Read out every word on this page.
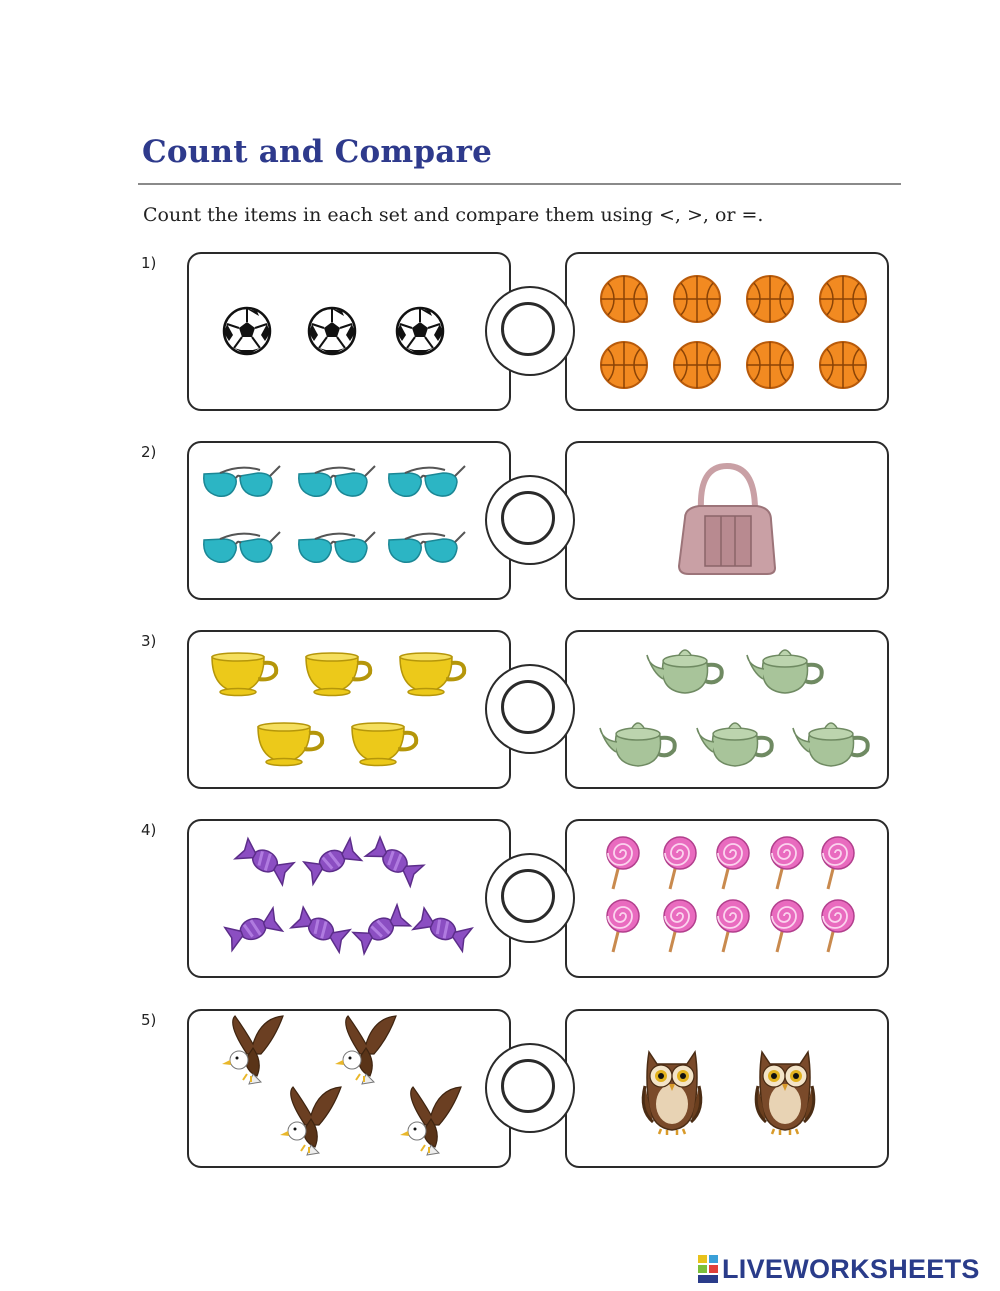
Count and Compare

Count the items in each set and compare them using <, >, or =.

1)
2)
3)
4)
5)

LIVEWORKSHEETS
